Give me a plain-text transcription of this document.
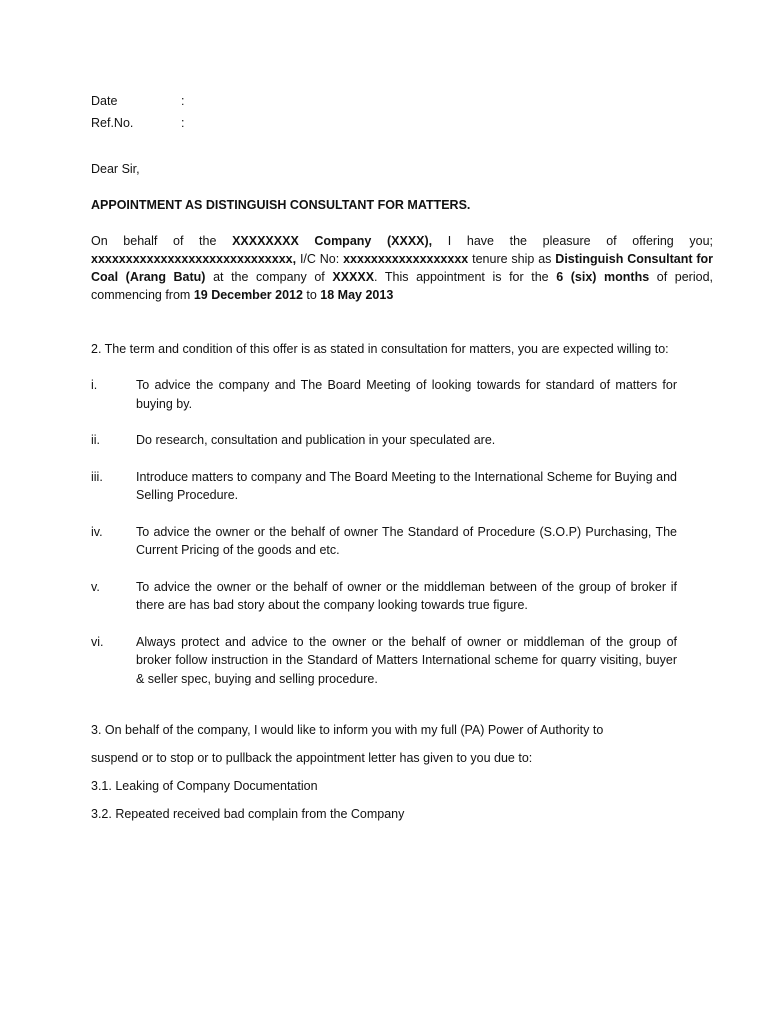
Date	:
Ref.No.	:
Dear Sir,
APPOINTMENT AS DISTINGUISH CONSULTANT FOR MATTERS.
On behalf of the XXXXXXXX Company (XXXX), I have the pleasure of offering you; xxxxxxxxxxxxxxxxxxxxxxxxxxxxx, I/C No: xxxxxxxxxxxxxxxxxx tenure ship as Distinguish Consultant for Coal (Arang Batu) at the company of XXXXX. This appointment is for the 6 (six) months of period, commencing from 19 December 2012 to 18 May 2013
2. The term and condition of this offer is as stated in consultation for matters, you are expected willing to:
i.	To advice the company and The Board Meeting of looking towards for standard of matters for buying by.
ii.	Do research, consultation and publication in your speculated are.
iii.	Introduce matters to company and The Board Meeting to the International Scheme for Buying and Selling Procedure.
iv.	To advice the owner or the behalf of owner The Standard of Procedure (S.O.P) Purchasing, The Current Pricing of the goods and etc.
v.	To advice the owner or the behalf of owner or the middleman between of the group of broker if there are has bad story about the company looking towards true figure.
vi.	Always protect and advice to the owner or the behalf of owner or middleman of the group of broker follow instruction in the Standard of Matters International scheme for quarry visiting, buyer & seller spec, buying and selling procedure.
3. On behalf of the company, I would like to inform you with my full (PA) Power of Authority to
suspend or to stop or to pullback the appointment letter has given to you due to:
3.1. Leaking of Company Documentation
3.2. Repeated received bad complain from the Company
